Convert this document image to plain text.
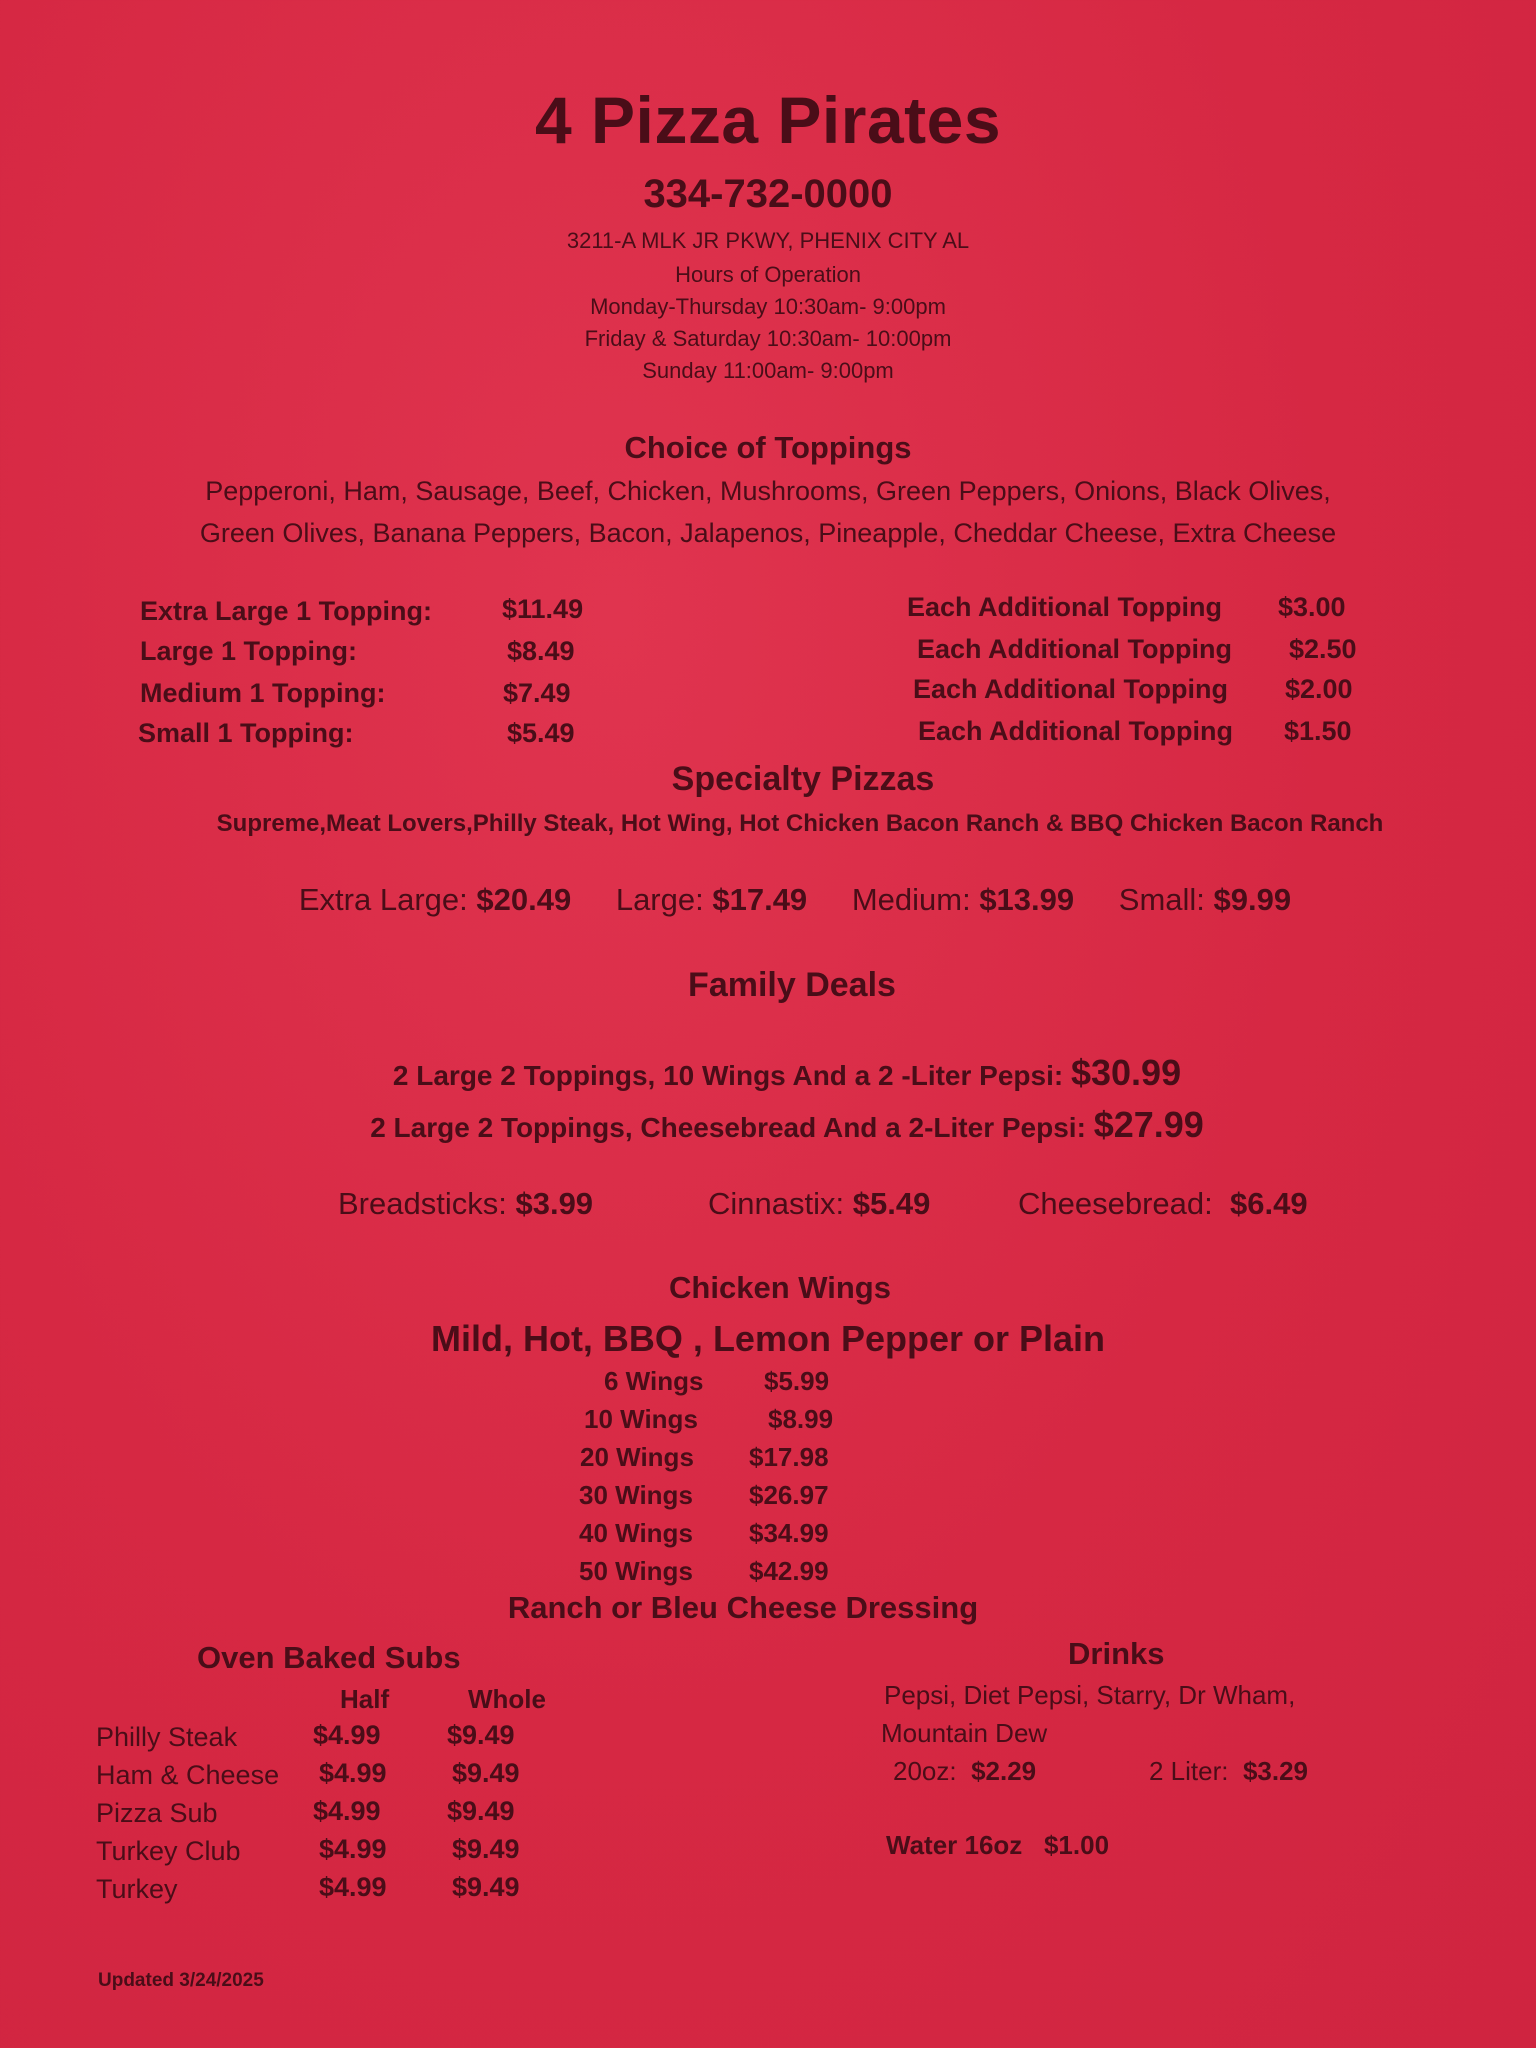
4 Pizza Pirates
334-732-0000
3211-A MLK JR PKWY, PHENIX CITY AL
Hours of Operation
Monday-Thursday 10:30am- 9:00pm
Friday & Saturday 10:30am- 10:00pm
Sunday 11:00am- 9:00pm
Choice of Toppings
Pepperoni, Ham, Sausage, Beef, Chicken, Mushrooms, Green Peppers, Onions, Black Olives,
Green Olives, Banana Peppers, Bacon, Jalapenos, Pineapple, Cheddar Cheese, Extra Cheese
Extra Large 1 Topping:	$11.49	Each Additional Topping $3.00
Large 1 Topping:	$8.49	Each Additional Topping $2.50
Medium 1 Topping:	$7.49	Each Additional Topping $2.00
Small 1 Topping:	$5.49	Each Additional Topping $1.50
Specialty Pizzas
Supreme,Meat Lovers,Philly Steak, Hot Wing, Hot Chicken Bacon Ranch & BBQ Chicken Bacon Ranch
Extra Large: $20.49 Large: $17.49 Medium: $13.99 Small: $9.99
Family Deals
2 Large 2 Toppings, 10 Wings And a 2 -Liter Pepsi: $30.99
2 Large 2 Toppings, Cheesebread And a 2-Liter Pepsi: $27.99
Breadsticks: $3.99	Cinnastix: $5.49	Cheesebread: $6.49
Chicken Wings
Mild, Hot, BBQ , Lemon Pepper or Plain
6 Wings $5.99
10 Wings	$8.99
20 Wings $17.98
30 Wings $26.97
40 Wings $34.99
50 Wings $42.99
Ranch or Bleu Cheese Dressing
Oven Baked Subs
Half	Whole
Philly Steak	$4.99 $9.49
Ham & Cheese $4.99 $9.49
Pizza Sub	$4.99 $9.49
Turkey Club	$4.99 $9.49
Turkey	$4.99 $9.49
Drinks
Pepsi, Diet Pepsi, Starry, Dr Wham,
Mountain Dew
20oz: $2.29	2 Liter: $3.29
Water 16oz $1.00
Updated 3/24/2025
